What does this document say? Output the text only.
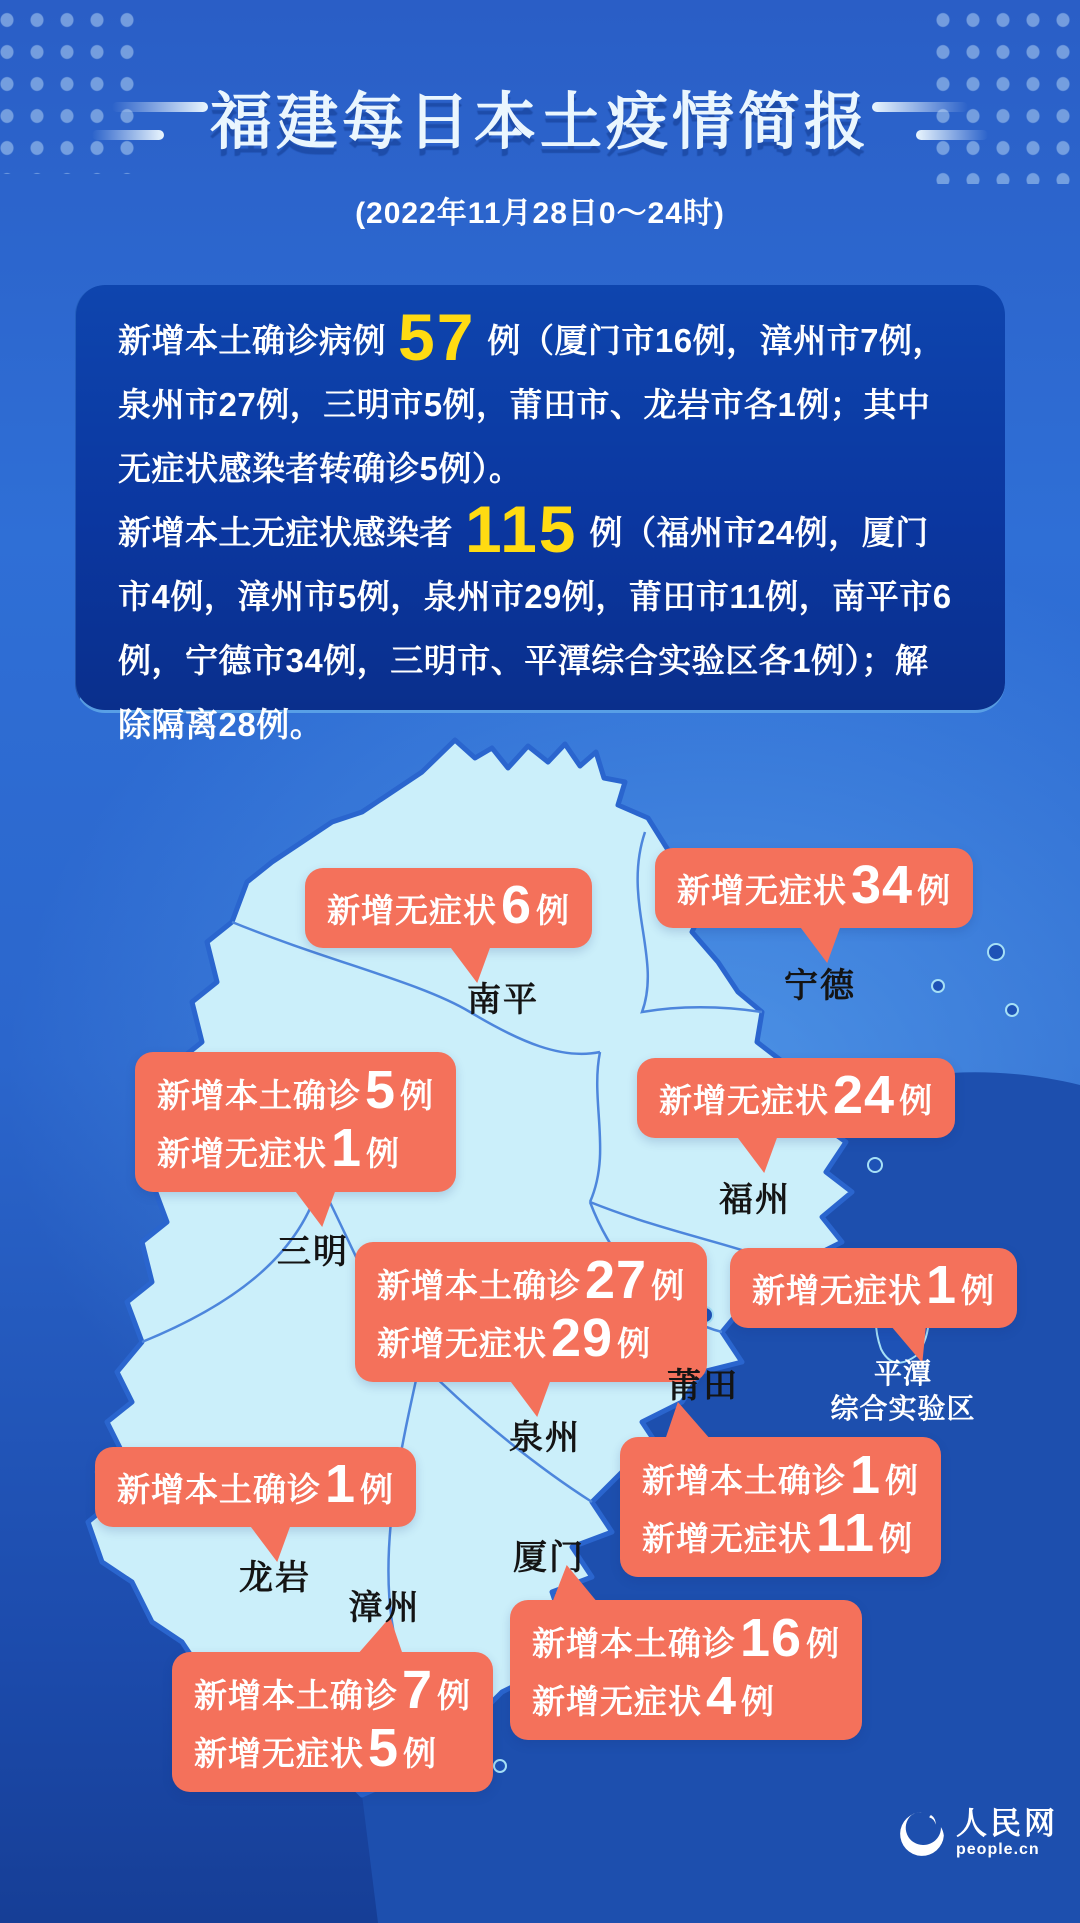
福建每日本土疫情简报
(2022年11月28日0～24时)

新增本土确诊病例 57 例（厦门市16例，漳州市7例，泉州市27例，三明市5例，莆田市、龙岩市各1例；其中无症状感染者转确诊5例）。

新增本土无症状感染者 115 例（福州市24例，厦门市4例，漳州市5例，泉州市29例，莆田市11例，南平市6例，宁德市34例，三明市、平潭综合实验区各1例）；解除隔离28例。

新增无症状 6 例
南平
新增无症状 34 例
宁德
新增本土确诊 5 例
新增无症状 1 例
三明
新增无症状 24 例
福州
新增本土确诊 27 例
新增无症状 29 例
泉州
新增无症状 1 例
平潭
综合实验区
新增本土确诊 1 例
新增无症状 11 例
莆田
新增本土确诊 1 例
龙岩
新增本土确诊 16 例
新增无症状 4 例
厦门
新增本土确诊 7 例
新增无症状 5 例
漳州
人民网
people.cn
